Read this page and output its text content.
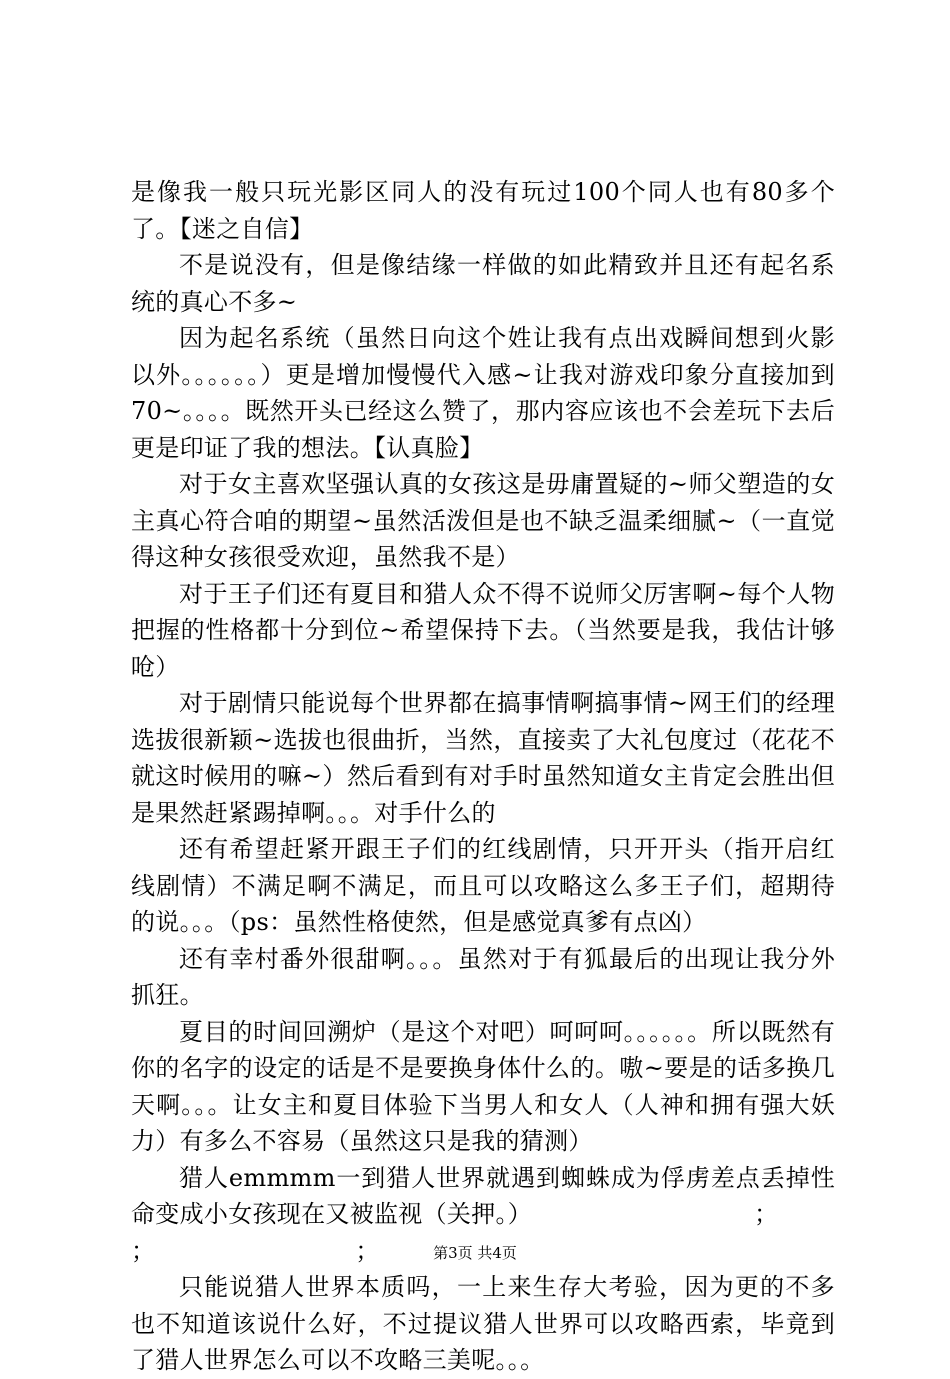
是像我一般只玩光影区同人的没有玩过100个同人也有80多个了。【迷之自信】

不是说没有，但是像结缘一样做的如此精致并且还有起名系统的真心不多~

因为起名系统（虽然日向这个姓让我有点出戏瞬间想到火影以外。。。。。。）更是增加慢慢代入感~让我对游戏印象分直接加到70~。。。。既然开头已经这么赞了，那内容应该也不会差玩下去后更是印证了我的想法。【认真脸】

对于女主喜欢坚强认真的女孩这是毋庸置疑的~师父塑造的女主真心符合咱的期望~虽然活泼但是也不缺乏温柔细腻~（一直觉得这种女孩很受欢迎，虽然我不是）

对于王子们还有夏目和猎人众不得不说师父厉害啊~每个人物把握的性格都十分到位~希望保持下去。（当然要是我，我估计够呛）

对于剧情只能说每个世界都在搞事情啊搞事情~网王们的经理选拔很新颖~选拔也很曲折，当然，直接卖了大礼包度过（花花不就这时候用的嘛~）然后看到有对手时虽然知道女主肯定会胜出但是果然赶紧踢掉啊。。。对手什么的

还有希望赶紧开跟王子们的红线剧情，只开开头（指开启红线剧情）不满足啊不满足，而且可以攻略这么多王子们，超期待的说。。。（ps：虽然性格使然，但是感觉真爹有点凶）

还有幸村番外很甜啊。。。虽然对于有狐最后的出现让我分外抓狂。

夏目的时间回溯炉（是这个对吧）呵呵呵。。。。。。所以既然有你的名字的设定的话是不是要换身体什么的。嗷~要是的话多换几天啊。。。让女主和夏目体验下当男人和女人（人神和拥有强大妖力）有多么不容易（虽然这只是我的猜测）

猎人emmmm一到猎人世界就遇到蜘蛛成为俘虏差点丢掉性命变成小女孩现在又被监视（关押。）	；

；	；

只能说猎人世界本质吗，一上来生存大考验，因为更的不多也不知道该说什么好，不过提议猎人世界可以攻略西索，毕竟到了猎人世界怎么可以不攻略三美呢。。。

第3页 共4页
